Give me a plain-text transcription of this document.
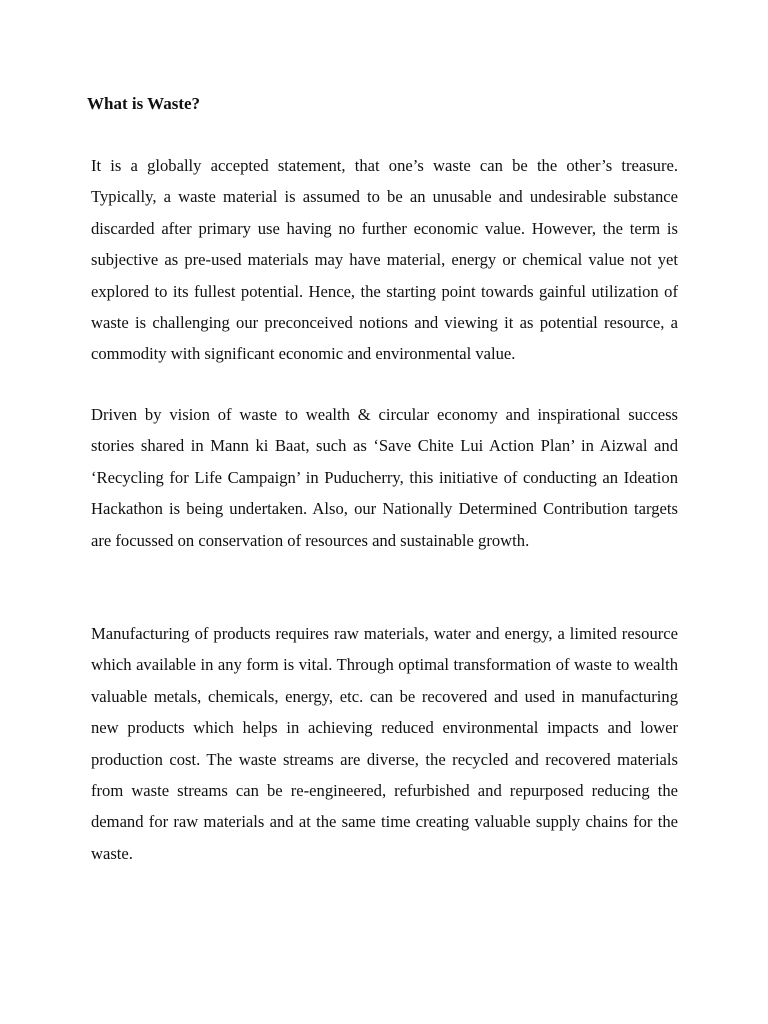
What is Waste?

It is a globally accepted statement, that one’s waste can be the other’s treasure. Typically, a waste material is assumed to be an unusable and undesirable substance discarded after primary use having no further economic value. However, the term is subjective as pre-used materials may have material, energy or chemical value not yet explored to its fullest potential. Hence, the starting point towards gainful utilization of waste is challenging our preconceived notions and viewing it as potential resource, a commodity with significant economic and environmental value.

Driven by vision of waste to wealth & circular economy and inspirational success stories shared in Mann ki Baat, such as ‘Save Chite Lui Action Plan’ in Aizwal and ‘Recycling for Life Campaign’ in Puducherry, this initiative of conducting an Ideation Hackathon is being undertaken. Also, our Nationally Determined Contribution targets are focussed on conservation of resources and sustainable growth.

Manufacturing of products requires raw materials, water and energy, a limited resource which available in any form is vital. Through optimal transformation of waste to wealth valuable metals, chemicals, energy, etc. can be recovered and used in manufacturing new products which helps in achieving reduced environmental impacts and lower production cost. The waste streams are diverse, the recycled and recovered materials from waste streams can be re-engineered, refurbished and repurposed reducing the demand for raw materials and at the same time creating valuable supply chains for the waste.
